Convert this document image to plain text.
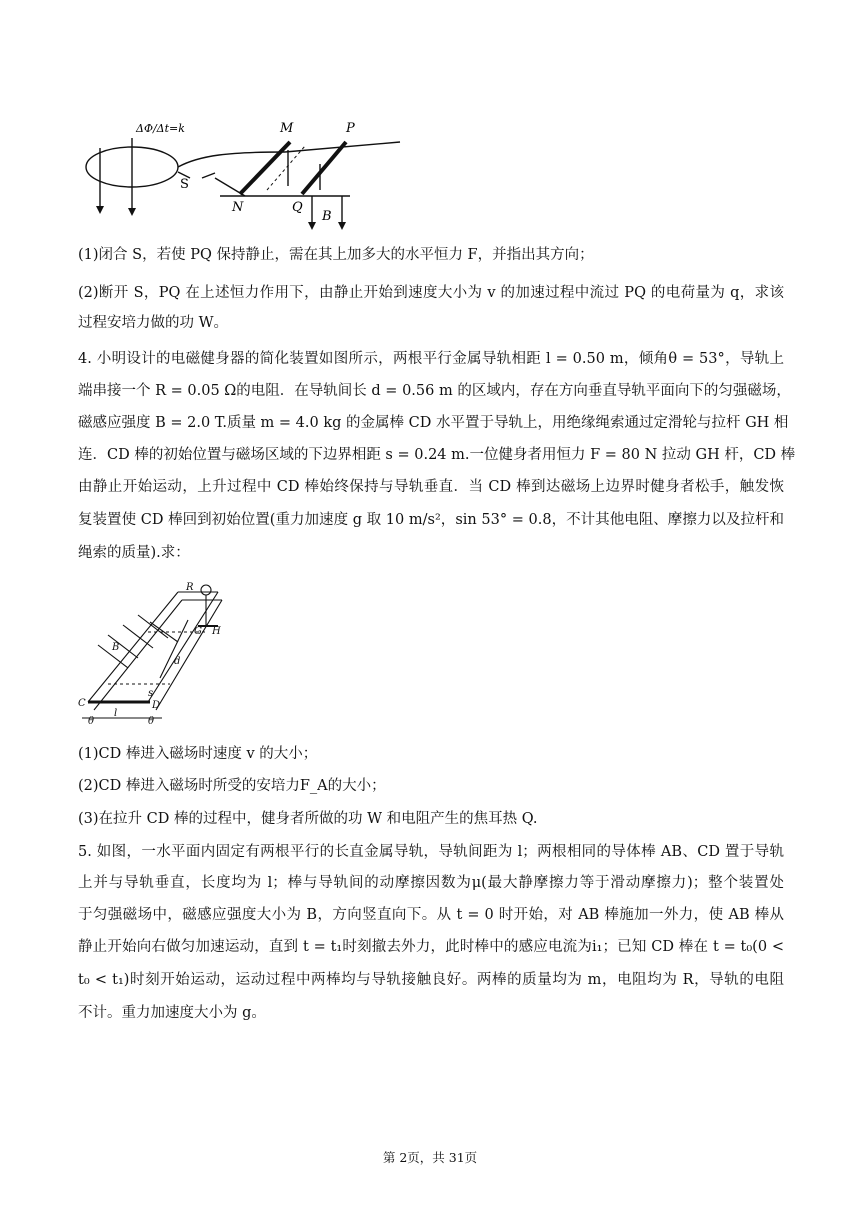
ΔΦ/Δt=k	M	P
N	Q
S
B
(1)闭合 S，若使 PQ 保持静止，需在其上加多大的水平恒力 F，并指出其方向；
(2)断开 S，PQ 在上述恒力作用下，由静止开始到速度大小为 v 的加速过程中流过 PQ 的电荷量为 q，求该
过程安培力做的功 W。
4. 小明设计的电磁健身器的简化装置如图所示，两根平行金属导轨相距 l = 0.50 m，倾角θ = 53°，导轨上
端串接一个 R = 0.05 Ω的电阻．在导轨间长 d = 0.56 m 的区域内，存在方向垂直导轨平面向下的匀强磁场，
磁感应强度 B = 2.0 T.质量 m = 4.0 kg 的金属棒 CD 水平置于导轨上，用绝缘绳索通过定滑轮与拉杆 GH 相
连．CD 棒的初始位置与磁场区域的下边界相距 s = 0.24 m.一位健身者用恒力 F = 80 N 拉动 GH 杆，CD 棒
由静止开始运动，上升过程中 CD 棒始终保持与导轨垂直．当 CD 棒到达磁场上边界时健身者松手，触发恢
复装置使 CD 棒回到初始位置(重力加速度 g 取 10 m/s²，sin 53° = 0.8，不计其他电阻、摩擦力以及拉杆和
绳索的质量).求：
R
G H
B
d
C	D
s
l
θ	θ
(1)CD 棒进入磁场时速度 v 的大小；
(2)CD 棒进入磁场时所受的安培力F_A的大小；
(3)在拉升 CD 棒的过程中，健身者所做的功 W 和电阻产生的焦耳热 Q.
5. 如图，一水平面内固定有两根平行的长直金属导轨，导轨间距为 l；两根相同的导体棒 AB、CD 置于导轨
上并与导轨垂直，长度均为 l；棒与导轨间的动摩擦因数为μ(最大静摩擦力等于滑动摩擦力)；整个装置处
于匀强磁场中，磁感应强度大小为 B，方向竖直向下。从 t = 0 时开始，对 AB 棒施加一外力，使 AB 棒从
静止开始向右做匀加速运动，直到 t = t₁时刻撤去外力，此时棒中的感应电流为i₁；已知 CD 棒在 t = t₀(0 <
t₀ < t₁)时刻开始运动，运动过程中两棒均与导轨接触良好。两棒的质量均为 m，电阻均为 R，导轨的电阻
不计。重力加速度大小为 g。
第 2页，共 31页
